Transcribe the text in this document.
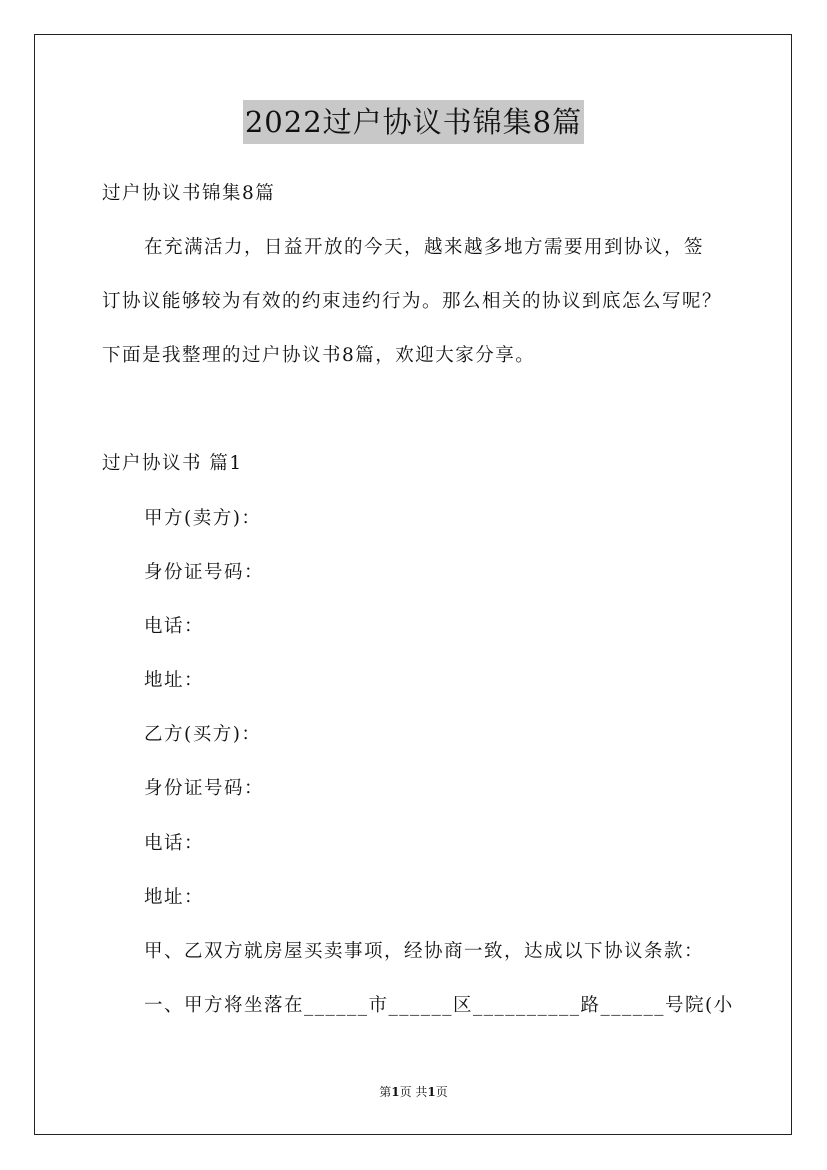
2022过户协议书锦集8篇
过户协议书锦集8篇
在充满活力，日益开放的今天，越来越多地方需要用到协议，签
订协议能够较为有效的约束违约行为。那么相关的协议到底怎么写呢？
下面是我整理的过户协议书8篇，欢迎大家分享。
过户协议书 篇1
甲方(卖方)：
身份证号码：
电话：
地址：
乙方(买方)：
身份证号码：
电话：
地址：
甲、乙双方就房屋买卖事项，经协商一致，达成以下协议条款：
一、甲方将坐落在______市______区__________路______号院(小
第1页 共1页
